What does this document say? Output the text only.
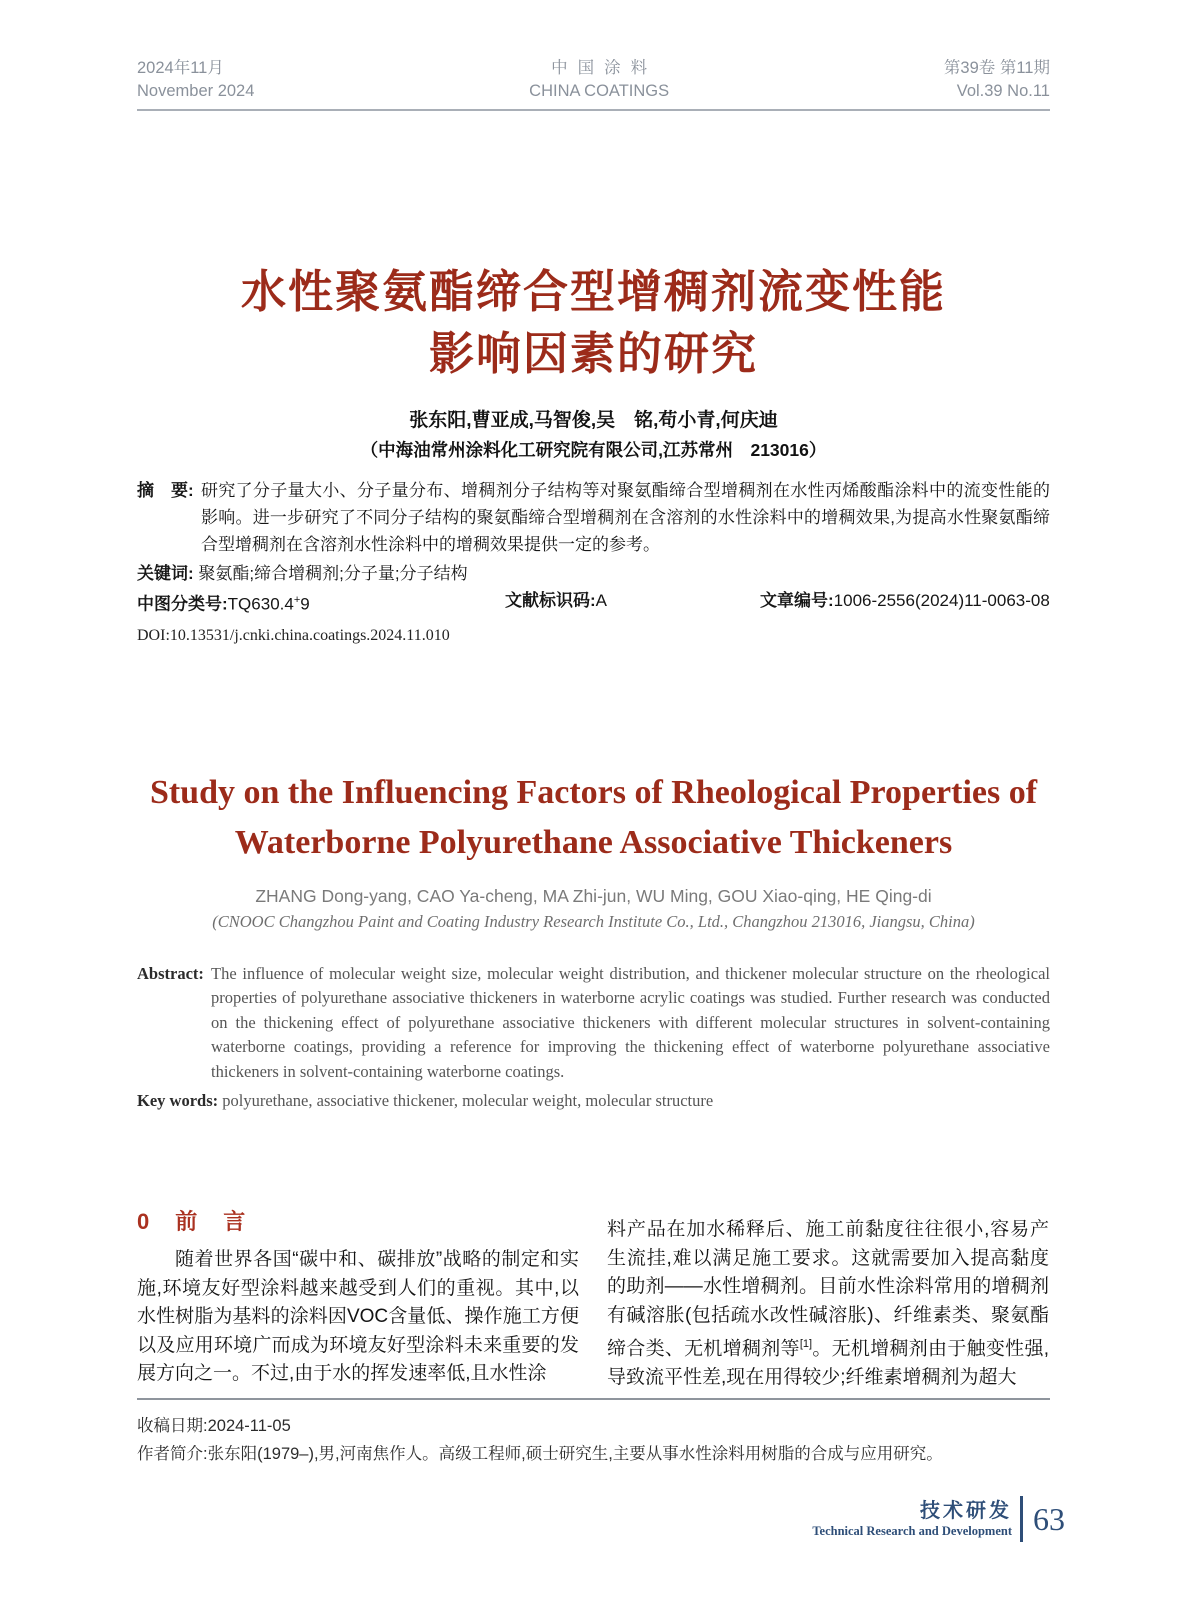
2024年11月
November 2024
中国涂料
CHINA COATINGS
第39卷 第11期
Vol.39 No.11
水性聚氨酯缔合型增稠剂流变性能
影响因素的研究
张东阳,曹亚成,马智俊,吴　铭,苟小青,何庆迪
（中海油常州涂料化工研究院有限公司,江苏常州　213016）
摘　要: 研究了分子量大小、分子量分布、增稠剂分子结构等对聚氨酯缔合型增稠剂在水性丙烯酸酯涂料中的流变性能的影响。进一步研究了不同分子结构的聚氨酯缔合型增稠剂在含溶剂的水性涂料中的增稠效果,为提高水性聚氨酯缔合型增稠剂在含溶剂水性涂料中的增稠效果提供一定的参考。
关键词: 聚氨酯;缔合增稠剂;分子量;分子结构
中图分类号:TQ630.4+9	文献标识码:A	文章编号:1006-2556(2024)11-0063-08
DOI:10.13531/j.cnki.china.coatings.2024.11.010
Study on the Influencing Factors of Rheological Properties of
Waterborne Polyurethane Associative Thickeners
ZHANG Dong-yang, CAO Ya-cheng, MA Zhi-jun, WU Ming, GOU Xiao-qing, HE Qing-di
(CNOOC Changzhou Paint and Coating Industry Research Institute Co., Ltd., Changzhou 213016, Jiangsu, China)
Abstract: The influence of molecular weight size, molecular weight distribution, and thickener molecular structure on the rheological properties of polyurethane associative thickeners in waterborne acrylic coatings was studied. Further research was conducted on the thickening effect of polyurethane associative thickeners with different molecular structures in solvent-containing waterborne coatings, providing a reference for improving the thickening effect of waterborne polyurethane associative thickeners in solvent-containing waterborne coatings.
Key words: polyurethane, associative thickener, molecular weight, molecular structure
0　前　言

随着世界各国“碳中和、碳排放”战略的制定和实施,环境友好型涂料越来越受到人们的重视。其中,以水性树脂为基料的涂料因VOC含量低、操作施工方便以及应用环境广而成为环境友好型涂料未来重要的发展方向之一。不过,由于水的挥发速率低,且水性涂

料产品在加水稀释后、施工前黏度往往很小,容易产生流挂,难以满足施工要求。这就需要加入提高黏度的助剂——水性增稠剂。目前水性涂料常用的增稠剂有碱溶胀(包括疏水改性碱溶胀)、纤维素类、聚氨酯缔合类、无机增稠剂等[1]。无机增稠剂由于触变性强,导致流平性差,现在用得较少;纤维素增稠剂为超大

收稿日期:2024-11-05
作者简介:张东阳(1979–),男,河南焦作人。高级工程师,硕士研究生,主要从事水性涂料用树脂的合成与应用研究。
技术研发
Technical Research and Development 63
